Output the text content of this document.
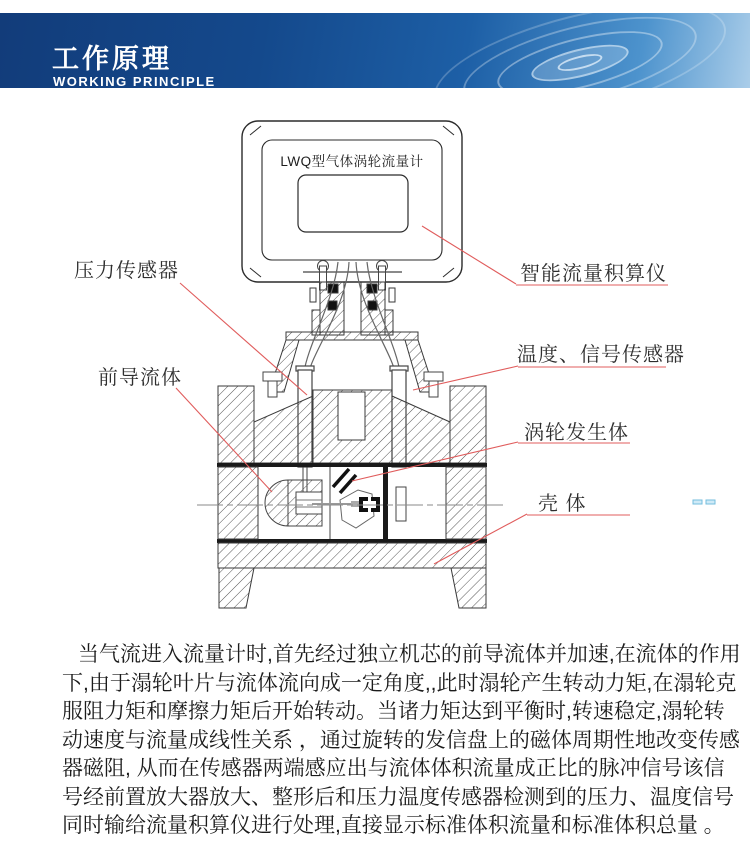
工作原理
WORKING PRINCIPLE
LWQ型气体涡轮流量计
压力传感器
前导流体
智能流量积算仪
温度、信号传感器
涡轮发生体
壳 体
当气流进入流量计时,首先经过独立机芯的前导流体并加速,在流体的作用
下,由于溻轮叶片与流体流向成一定角度,,此时溻轮产生转动力矩,在溻轮克
服阻力矩和摩擦力矩后开始转动。当诸力矩达到平衡时,转速稳定,溻轮转
动速度与流量成线性关系 ，通过旋转的发信盘上的磁体周期性地改变传感
器磁阻, 从而在传感器两端感应出与流体体积流量成正比的脉冲信号该信
号经前置放大器放大、整形后和压力温度传感器检测到的压力、温度信号
同时输给流量积算仪进行处理,直接显示标准体积流量和标准体积总量 。
